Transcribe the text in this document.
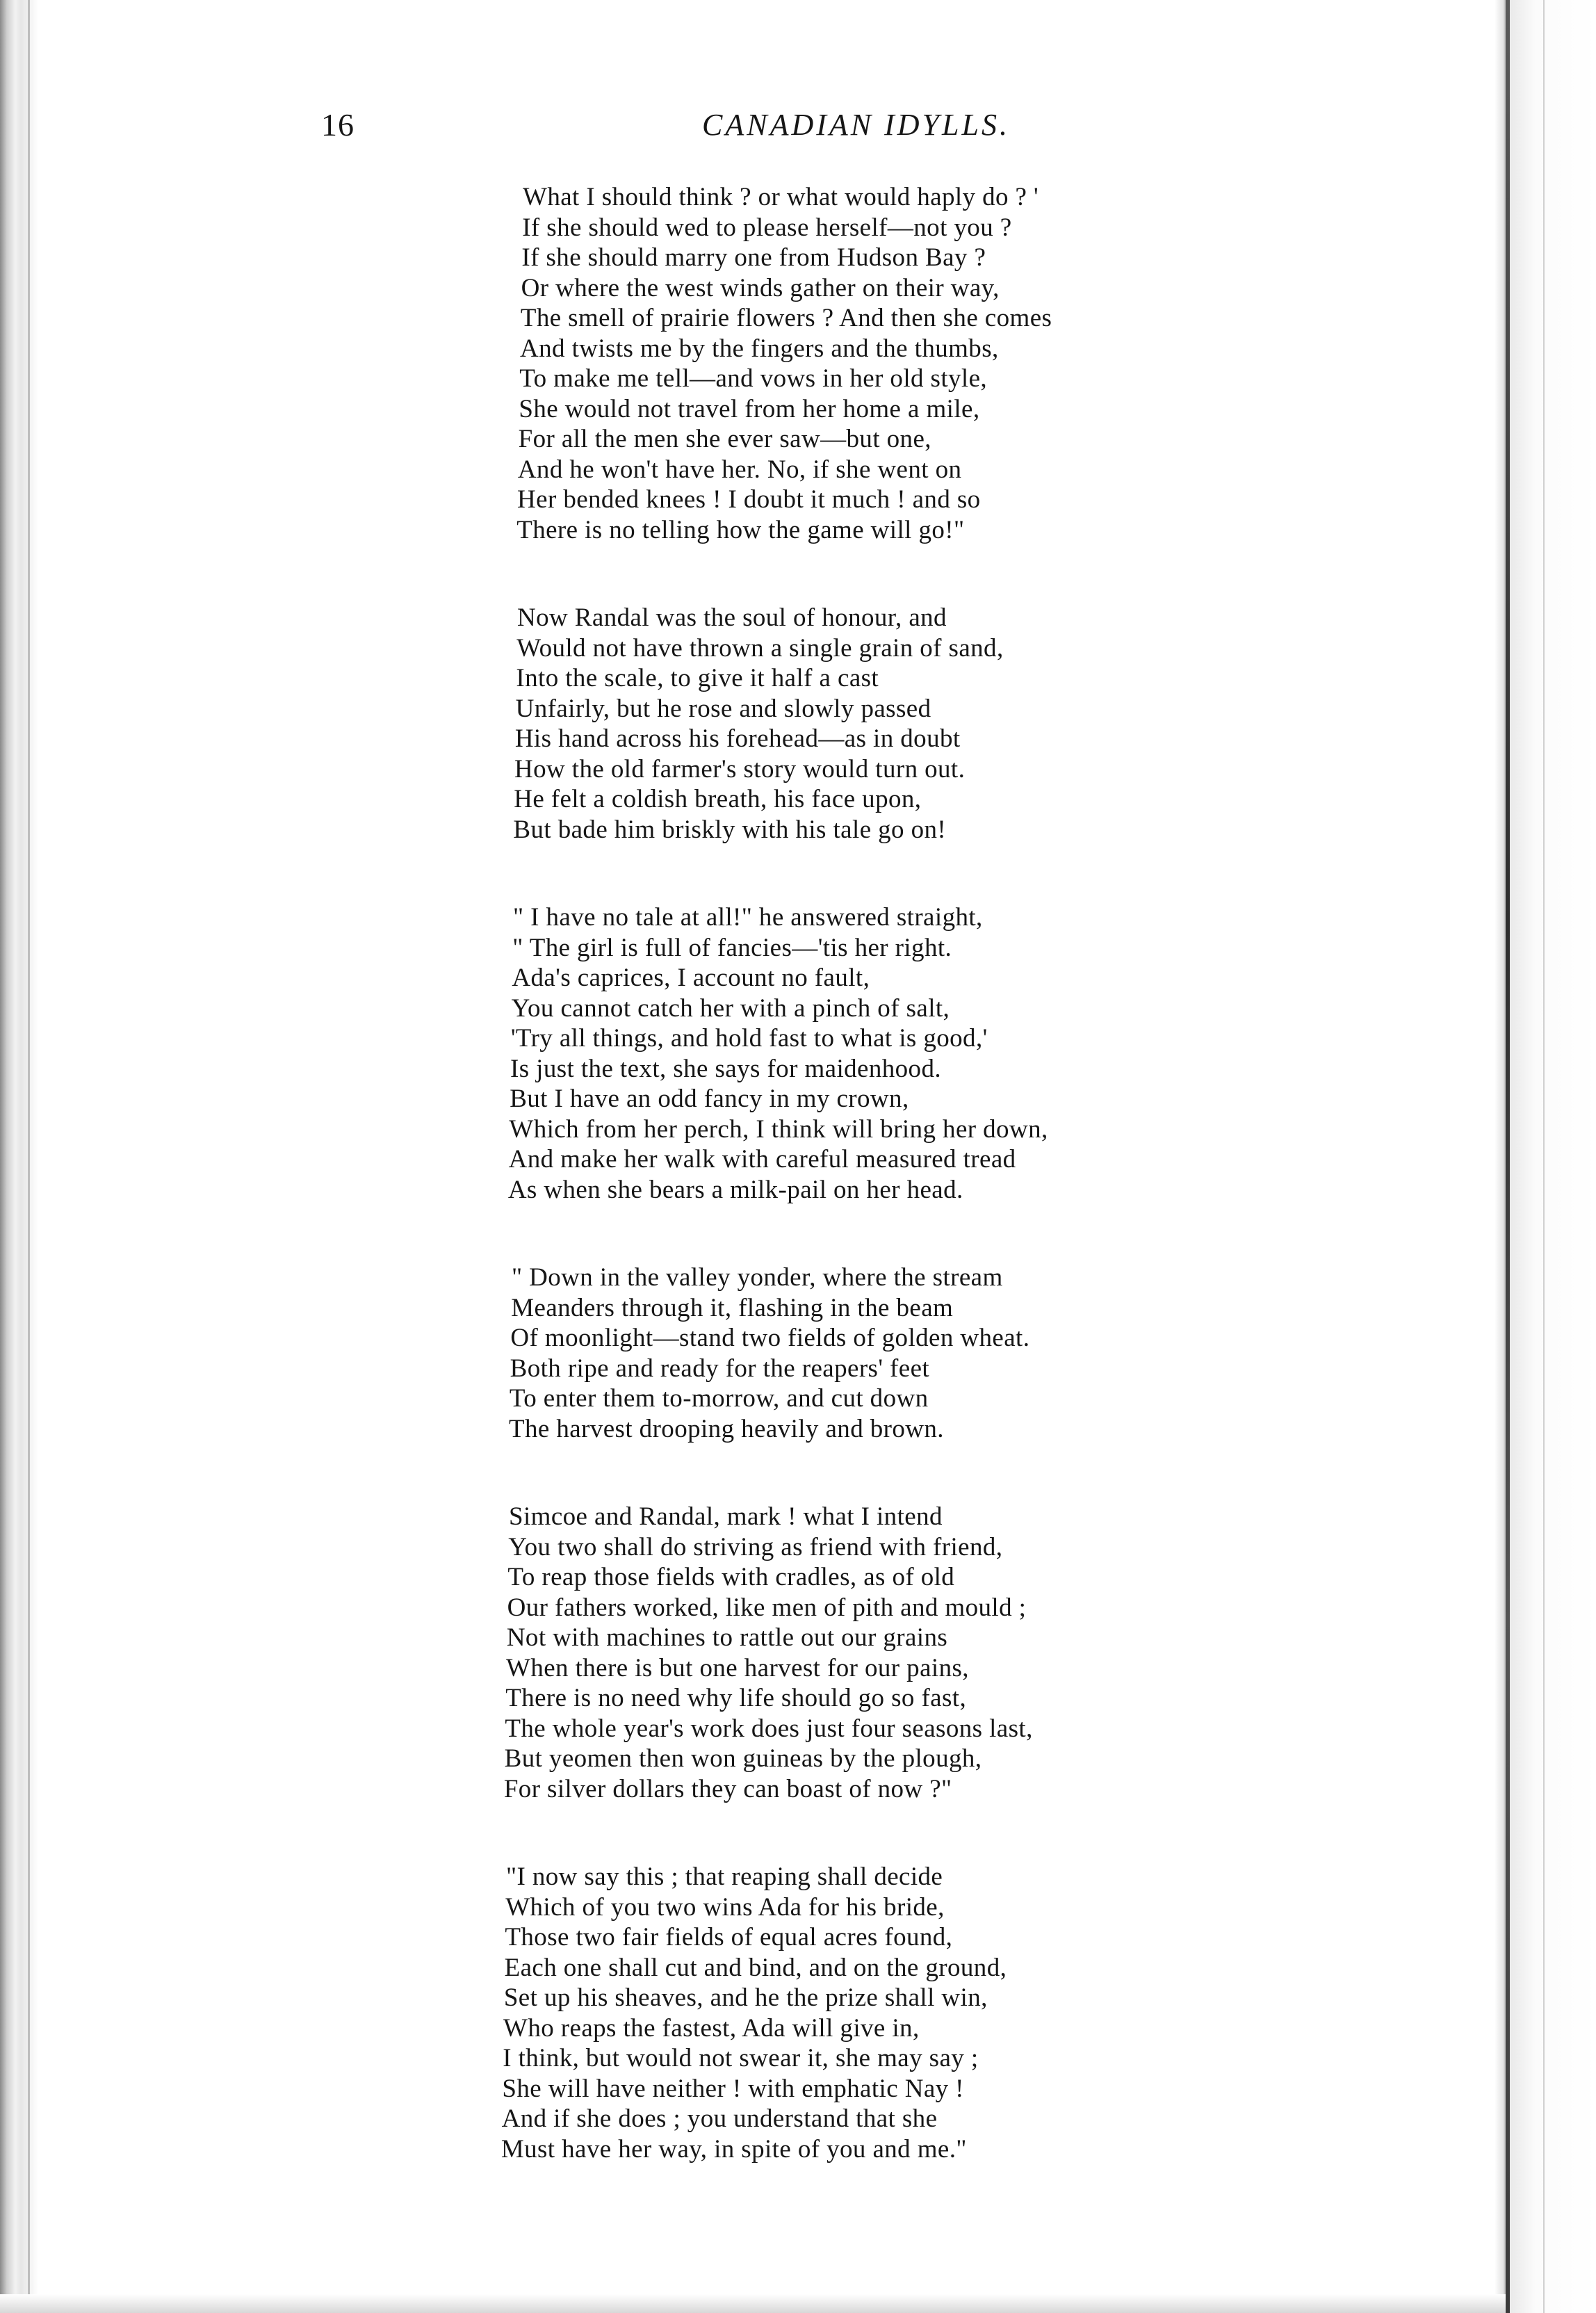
16	CANADIAN IDYLLS.
What I should think ? or what would haply do ? '
If she should wed to please herself—not you ?
If she should marry one from Hudson Bay ?
Or where the west winds gather on their way,
The smell of prairie flowers ? And then she comes
And twists me by the fingers and the thumbs,
To make me tell—and vows in her old style,
She would not travel from her home a mile,
For all the men she ever saw—but one,
And he won't have her. No, if she went on
Her bended knees ! I doubt it much ! and so
There is no telling how the game will go!"
Now Randal was the soul of honour, and
Would not have thrown a single grain of sand,
Into the scale, to give it half a cast
Unfairly, but he rose and slowly passed
His hand across his forehead—as in doubt
How the old farmer's story would turn out.
He felt a coldish breath, his face upon,
But bade him briskly with his tale go on!
" I have no tale at all!" he answered straight,
" The girl is full of fancies—'tis her right.
Ada's caprices, I account no fault,
You cannot catch her with a pinch of salt,
'Try all things, and hold fast to what is good,'
Is just the text, she says for maidenhood.
But I have an odd fancy in my crown,
Which from her perch, I think will bring her down,
And make her walk with careful measured tread
As when she bears a milk-pail on her head.
" Down in the valley yonder, where the stream
Meanders through it, flashing in the beam
Of moonlight—stand two fields of golden wheat.
Both ripe and ready for the reapers' feet
To enter them to-morrow, and cut down
The harvest drooping heavily and brown.
Simcoe and Randal, mark ! what I intend
You two shall do striving as friend with friend,
To reap those fields with cradles, as of old
Our fathers worked, like men of pith and mould ;
Not with machines to rattle out our grains
When there is but one harvest for our pains,
There is no need why life should go so fast,
The whole year's work does just four seasons last,
But yeomen then won guineas by the plough,
For silver dollars they can boast of now ?"
"I now say this ; that reaping shall decide
Which of you two wins Ada for his bride,
Those two fair fields of equal acres found,
Each one shall cut and bind, and on the ground,
Set up his sheaves, and he the prize shall win,
Who reaps the fastest, Ada will give in,
I think, but would not swear it, she may say ;
She will have neither ! with emphatic Nay !
And if she does ; you understand that she
Must have her way, in spite of you and me."
